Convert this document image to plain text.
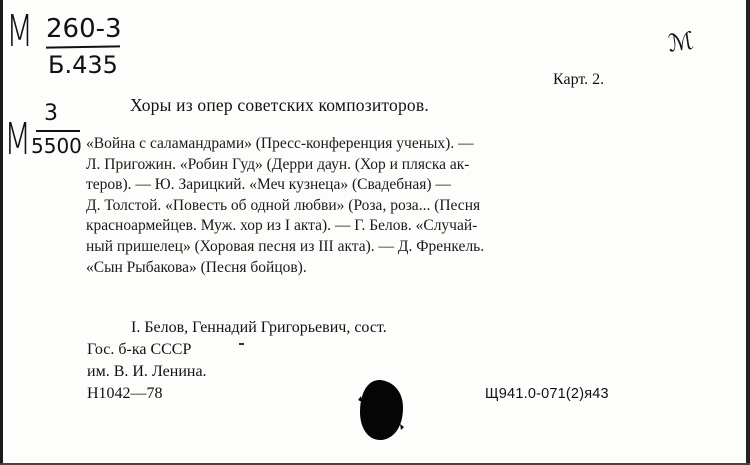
М 260-3
Б.435
М
3
5500
ℳ
Карт. 2.
Хоры из опер советских композиторов.
«Война с саламандрами» (Пресс-конференция ученых). —
Л. Пригожин. «Робин Гуд» (Дерри даун. (Хор и пляска ак-
теров). — Ю. Зарицкий. «Меч кузнеца» (Свадебная) —
Д. Толстой. «Повесть об одной любви» (Роза, роза... (Песня
красноармейцев. Муж. хор из I акта). — Г. Белов. «Случай-
ный пришелец» (Хоровая песня из III акта). — Д. Френкель.
«Сын Рыбакова» (Песня бойцов).
I. Белов, Геннадий Григорьевич, сост.
Гос. б-ка СССР
им. В. И. Ленина.
Н1042—78	Щ941.0-071(2)я43
